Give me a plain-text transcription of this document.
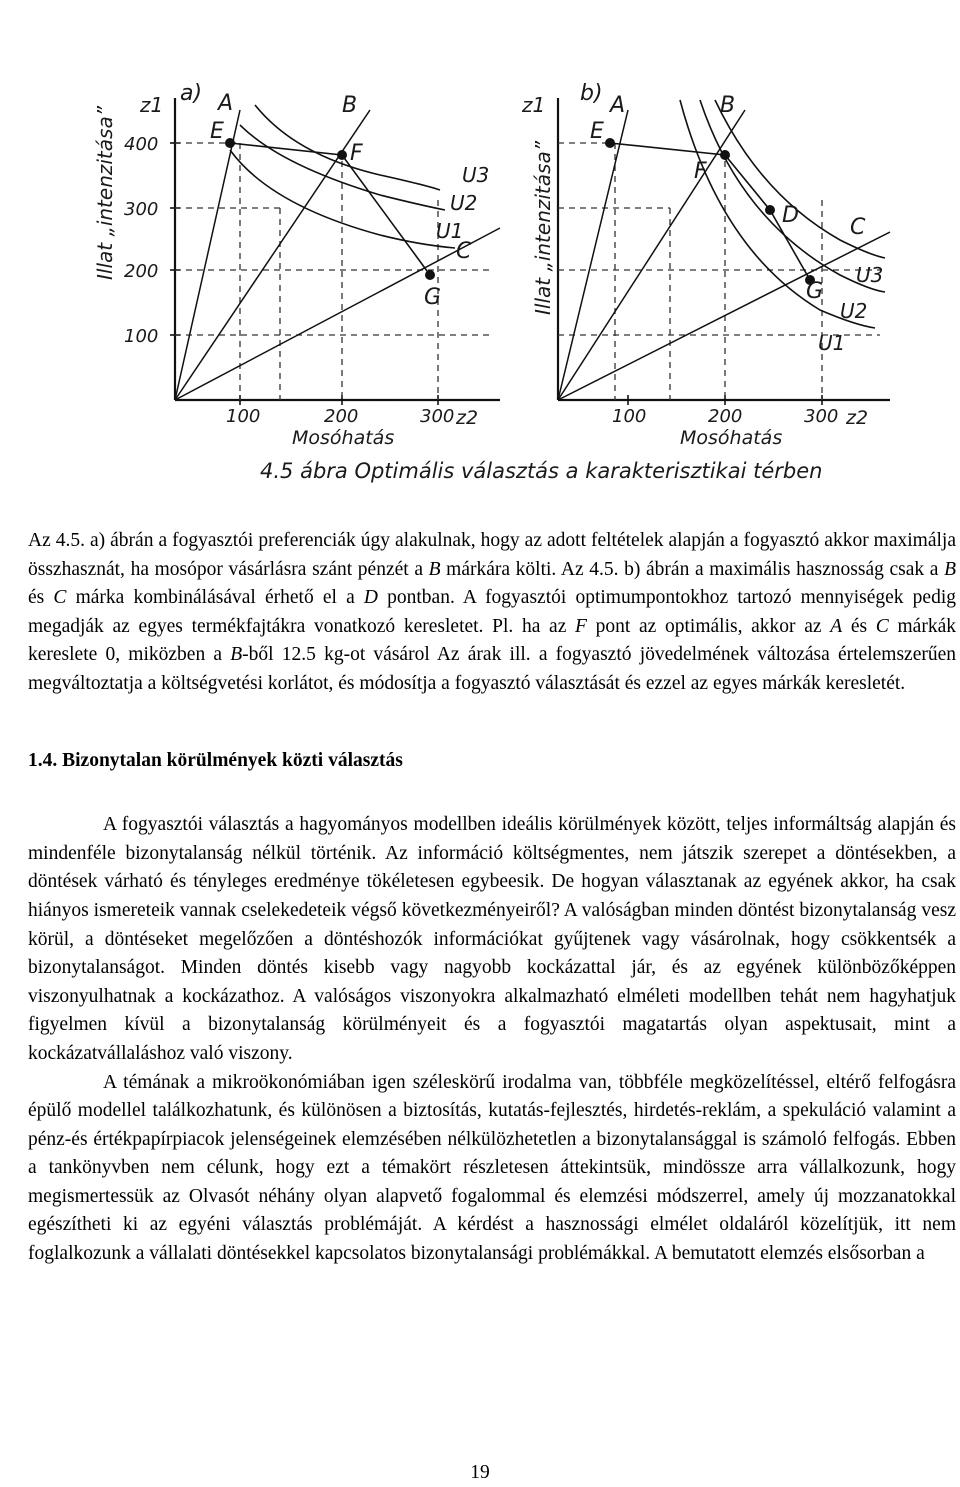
Illat „intenzitása”
z1 a)
400
300
200
100
100	200	300 z2
Mosóhatás
A	B
C
E
F
G
U3
U2
U1	Illat „intenzitása”
z1 b)
100	200	300 z2
Mosóhatás
A	B
C
E
F
D
G
U3
U2
U1
4.5 ábra Optimális választás a karakterisztikai térben

Az 4.5. a) ábrán a fogyasztói preferenciák úgy alakulnak, hogy az adott feltételek alapján a fogyasztó akkor maximálja összhasznát, ha mosópor vásárlásra szánt pénzét a B márkára költi. Az 4.5. b) ábrán a maximális hasznosság csak a B és C márka kombinálásával érhető el a D pontban. A fogyasztói optimumpontokhoz tartozó mennyiségek pedig megadják az egyes termékfajtákra vonatkozó keresletet. Pl. ha az F pont az optimális, akkor az A és C márkák kereslete 0, miközben a B-ből 12.5 kg-ot vásárol Az árak ill. a fogyasztó jövedelmének változása értelemszerűen megváltoztatja a költségvetési korlátot, és módosítja a fogyasztó választását és ezzel az egyes márkák keresletét.

1.4. Bizonytalan körülmények közti választás

A fogyasztói választás a hagyományos modellben ideális körülmények között, teljes informáltság alapján és mindenféle bizonytalanság nélkül történik. Az információ költségmentes, nem játszik szerepet a döntésekben, a döntések várható és tényleges eredménye tökéletesen egybeesik. De hogyan választanak az egyének akkor, ha csak hiányos ismereteik vannak cselekedeteik végső következményeiről? A valóságban minden döntést bizonytalanság vesz körül, a döntéseket megelőzően a döntéshozók információkat gyűjtenek vagy vásárolnak, hogy csökkentsék a bizonytalanságot. Minden döntés kisebb vagy nagyobb kockázattal jár, és az egyének különbözőképpen viszonyulhatnak a kockázathoz. A valóságos viszonyokra alkalmazható elméleti modellben tehát nem hagyhatjuk figyelmen kívül a bizonytalanság körülményeit és a fogyasztói magatartás olyan aspektusait, mint a kockázatvállaláshoz való viszony.

A témának a mikroökonómiában igen széleskörű irodalma van, többféle megközelítéssel, eltérő felfogásra épülő modellel találkozhatunk, és különösen a biztosítás, kutatás-fejlesztés, hirdetés-reklám, a spekuláció valamint a pénz-és értékpapírpiacok jelenségeinek elemzésében nélkülözhetetlen a bizonytalansággal is számoló felfogás. Ebben a tankönyvben nem célunk, hogy ezt a témakört részletesen áttekintsük, mindössze arra vállalkozunk, hogy megismertessük az Olvasót néhány olyan alapvető fogalommal és elemzési módszerrel, amely új mozzanatokkal egészítheti ki az egyéni választás problémáját. A kérdést a hasznossági elmélet oldaláról közelítjük, itt nem foglalkozunk a vállalati döntésekkel kapcsolatos bizonytalansági problémákkal. A bemutatott elemzés elsősorban a

19
